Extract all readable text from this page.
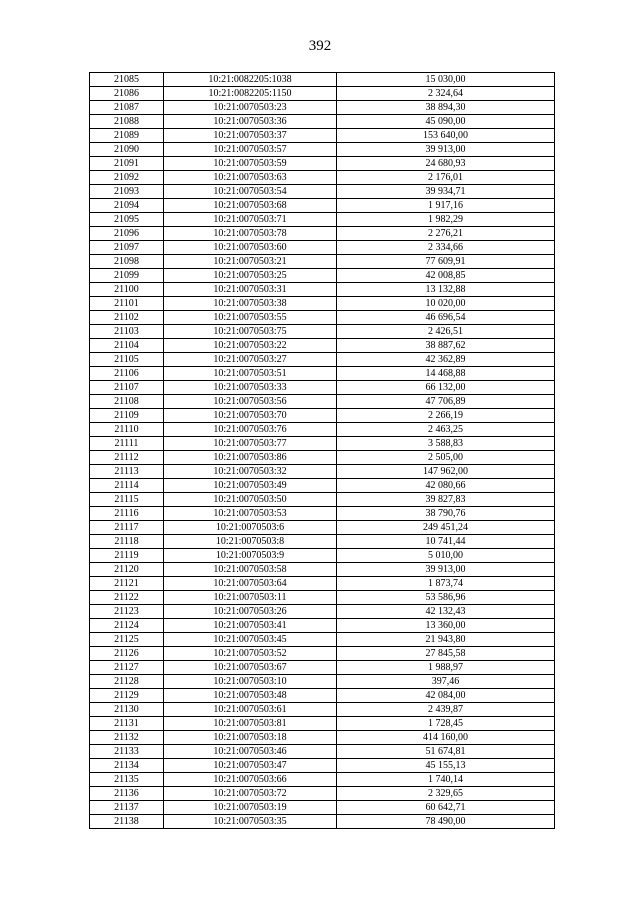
392
21085	10:21:0082205:1038	15 030,00
21086	10:21:0082205:1150	2 324,64
21087	10:21:0070503:23	38 894,30
21088	10:21:0070503:36	45 090,00
21089	10:21:0070503:37	153 640,00
21090	10:21:0070503:57	39 913,00
21091	10:21:0070503:59	24 680,93
21092	10:21:0070503:63	2 176,01
21093	10:21:0070503:54	39 934,71
21094	10:21:0070503:68	1 917,16
21095	10:21:0070503:71	1 982,29
21096	10:21:0070503:78	2 276,21
21097	10:21:0070503:60	2 334,66
21098	10:21:0070503:21	77 609,91
21099	10:21:0070503:25	42 008,85
21100	10:21:0070503:31	13 132,88
21101	10:21:0070503:38	10 020,00
21102	10:21:0070503:55	46 696,54
21103	10:21:0070503:75	2 426,51
21104	10:21:0070503:22	38 887,62
21105	10:21:0070503:27	42 362,89
21106	10:21:0070503:51	14 468,88
21107	10:21:0070503:33	66 132,00
21108	10:21:0070503:56	47 706,89
21109	10:21:0070503:70	2 266,19
21110	10:21:0070503:76	2 463,25
21111	10:21:0070503:77	3 588,83
21112	10:21:0070503:86	2 505,00
21113	10:21:0070503:32	147 962,00
21114	10:21:0070503:49	42 080,66
21115	10:21:0070503:50	39 827,83
21116	10:21:0070503:53	38 790,76
21117	10:21:0070503:6	249 451,24
21118	10:21:0070503:8	10 741,44
21119	10:21:0070503:9	5 010,00
21120	10:21:0070503:58	39 913,00
21121	10:21:0070503:64	1 873,74
21122	10:21:0070503:11	53 586,96
21123	10:21:0070503:26	42 132,43
21124	10:21:0070503:41	13 360,00
21125	10:21:0070503:45	21 943,80
21126	10:21:0070503:52	27 845,58
21127	10:21:0070503:67	1 988,97
21128	10:21:0070503:10	397,46
21129	10:21:0070503:48	42 084,00
21130	10:21:0070503:61	2 439,87
21131	10:21:0070503:81	1 728,45
21132	10:21:0070503:18	414 160,00
21133	10:21:0070503:46	51 674,81
21134	10:21:0070503:47	45 155,13
21135	10:21:0070503:66	1 740,14
21136	10:21:0070503:72	2 329,65
21137	10:21:0070503:19	60 642,71
21138	10:21:0070503:35	78 490,00
